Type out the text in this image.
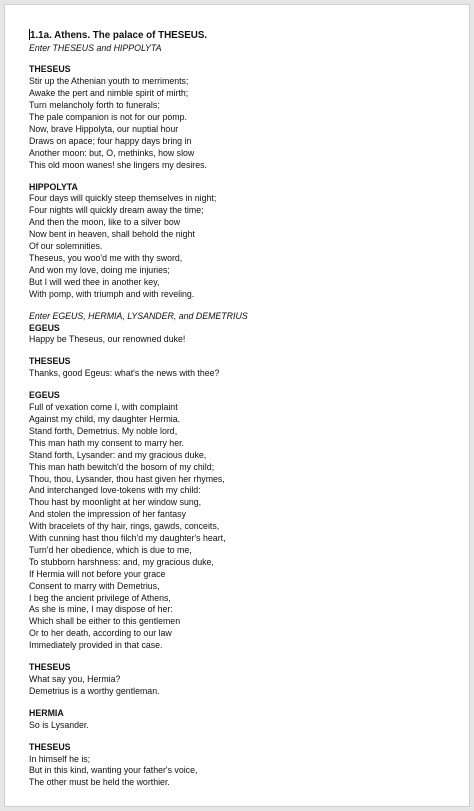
1.1a. Athens. The palace of THESEUS.
Enter THESEUS and HIPPOLYTA
THESEUS
Stir up the Athenian youth to merriments;
Awake the pert and nimble spirit of mirth;
Turn melancholy forth to funerals;
The pale companion is not for our pomp.
Now, brave Hippolyta, our nuptial hour
Draws on apace; four happy days bring in
Another moon: but, O, methinks, how slow
This old moon wanes! she lingers my desires.
HIPPOLYTA
Four days will quickly steep themselves in night;
Four nights will quickly dream away the time;
And then the moon, like to a silver bow
Now bent in heaven, shall behold the night
Of our solemnities.
Theseus, you woo'd me with thy sword,
And won my love, doing me injuries;
But I will wed thee in another key,
With pomp, with triumph and with reveling.
Enter EGEUS, HERMIA, LYSANDER, and DEMETRIUS
EGEUS
Happy be Theseus, our renowned duke!
THESEUS
Thanks, good Egeus: what's the news with thee?
EGEUS
Full of vexation come I, with complaint
Against my child, my daughter Hermia.
Stand forth, Demetrius. My noble lord,
This man hath my consent to marry her.
Stand forth, Lysander: and my gracious duke,
This man hath bewitch'd the bosom of my child;
Thou, thou, Lysander, thou hast given her rhymes,
And interchanged love-tokens with my child:
Thou hast by moonlight at her window sung,
And stolen the impression of her fantasy
With bracelets of thy hair, rings, gawds, conceits,
With cunning hast thou filch'd my daughter's heart,
Turn'd her obedience, which is due to me,
To stubborn harshness: and, my gracious duke,
If Hermia will not before your grace
Consent to marry with Demetrius,
I beg the ancient privilege of Athens,
As she is mine, I may dispose of her:
Which shall be either to this gentlemen
Or to her death, according to our law
Immediately provided in that case.
THESEUS
What say you, Hermia?
Demetrius is a worthy gentleman.
HERMIA
So is Lysander.
THESEUS
In himself he is;
But in this kind, wanting your father's voice,
The other must be held the worthier.
